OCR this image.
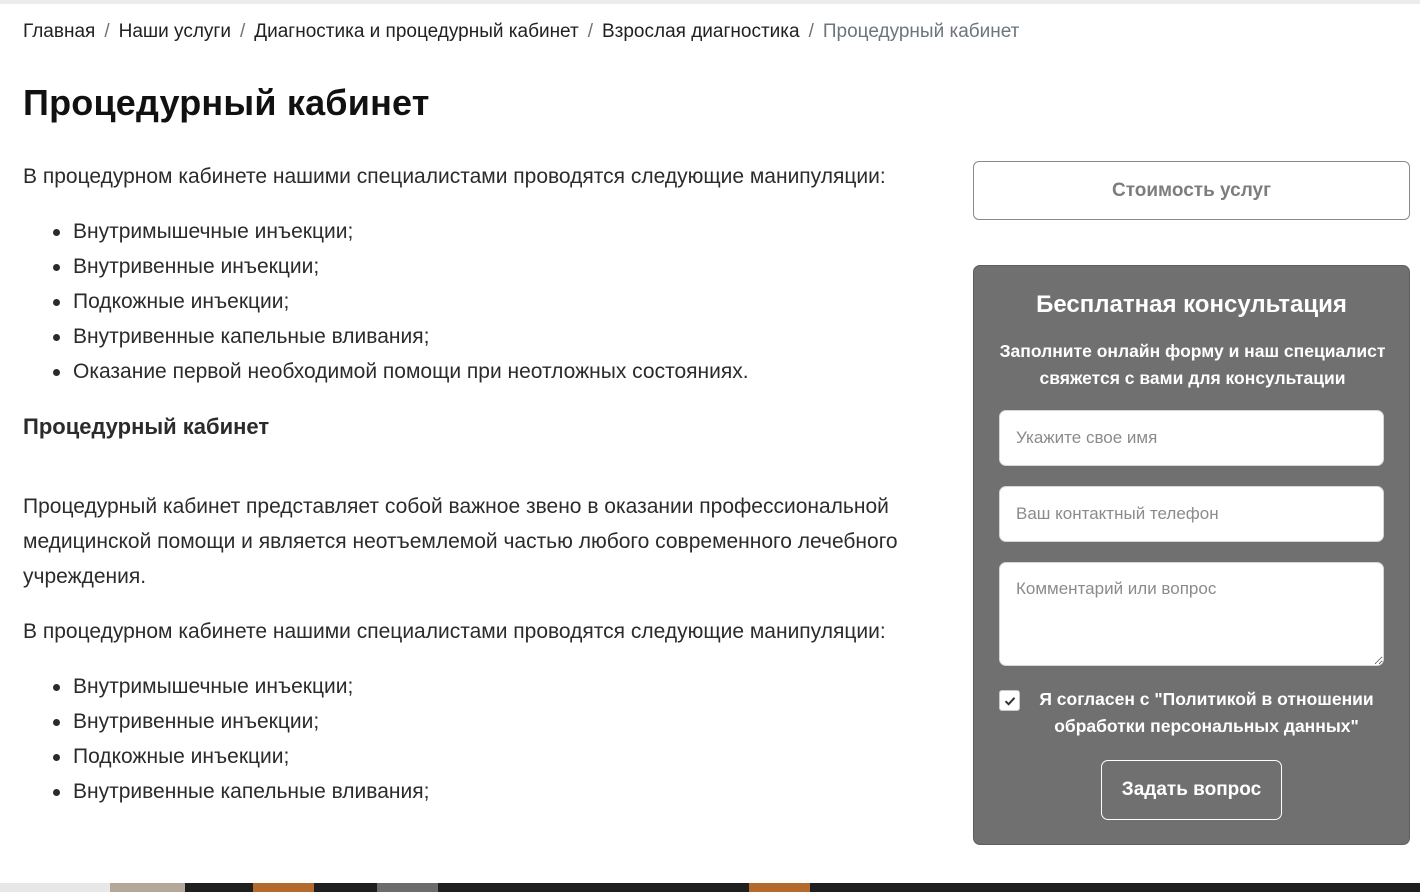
Главная / Наши услуги / Диагностика и процедурный кабинет / Взрослая диагностика / Процедурный кабинет
Процедурный кабинет

В процедурном кабинете нашими специалистами проводятся следующие манипуляции:

Внутримышечные инъекции;
Внутривенные инъекции;
Подкожные инъекции;
Внутривенные капельные вливания;
Оказание первой необходимой помощи при неотложных состояниях.
Процедурный кабинет

Процедурный кабинет представляет собой важное звено в оказании профессиональной медицинской помощи и является неотъемлемой частью любого современного лечебного учреждения.

В процедурном кабинете нашими специалистами проводятся следующие манипуляции:

Внутримышечные инъекции;
Внутривенные инъекции;
Подкожные инъекции;
Внутривенные капельные вливания;
Стоимость услуг
Бесплатная консультация
Заполните онлайн форму и наш специалист свяжется с вами для консультации
Укажите свое имя
Ваш контактный телефон
Комментарий или вопрос
Я согласен с "Политикой в отношении обработки персональных данных"
Задать вопрос
